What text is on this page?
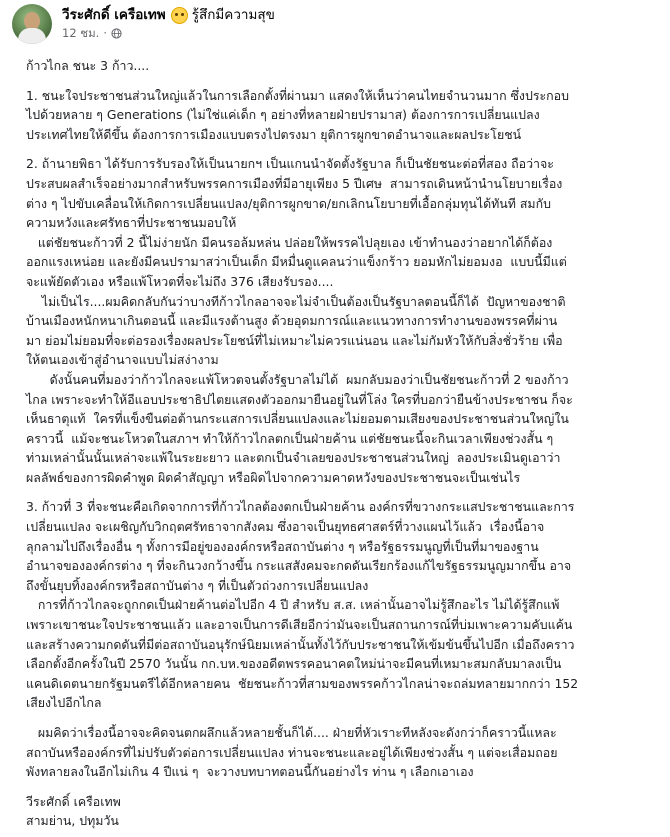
วีระศักดิ์ เครือเทพ รู้สึกมีความสุข
12 ชม. ·
ก้าวไกล ชนะ 3 ก้าว....
1. ชนะใจประชาชนส่วนใหญ่แล้วในการเลือกตั้งที่ผ่านมา แสดงให้เห็นว่าคนไทยจำนวนมาก ซึ่งประกอบ
ไปด้วยหลาย ๆ Generations (ไม่ใช่แค่เด็ก ๆ อย่างที่หลายฝ่ายปรามาส) ต้องการการเปลี่ยนแปลง
ประเทศไทยให้ดีขึ้น ต้องการการเมืองแบบตรงไปตรงมา ยุติการผูกขาดอำนาจและผลประโยชน์
2. ถ้านายพิธา ได้รับการรับรองให้เป็นนายกฯ เป็นแกนนำจัดตั้งรัฐบาล ก็เป็นชัยชนะต่อที่สอง ถือว่าจะ
ประสบผลสำเร็จอย่างมากสำหรับพรรคการเมืองที่มีอายุเพียง 5 ปีเศษ  สามารถเดินหน้านำนโยบายเรื่อง
ต่าง ๆ ไปขับเคลื่อนให้เกิดการเปลี่ยนแปลง/ยุติการผูกขาด/ยกเลิกนโยบายที่เอื้อกลุ่มทุนได้ทันที สมกับ
ความหวังและศรัทธาที่ประชาชนมอบให้
แต่ชัยชนะก้าวที่ 2 นี้ไม่ง่ายนัก มีคนรอล้มหล่น ปล่อยให้พรรคไปลุยเอง เข้าทำนองว่าอยากได้ก็ต้อง
ออกแรงเหน่อย และยังมีคนปรามาสว่าเป็นเด็ก มีหมื่นดูแคลนว่าแข็งกร้าว ยอมหักไม่ยอมงอ  แบบนี้มีแต่
จะแพ้ยัดตัวเอง หรือแพ้โหวตที่จะไม่ถึง 376 เสียงรับรอง....
ไม่เป็นไร....ผมคิดกลับกันว่าบางทีก้าวไกลอาจจะไม่จำเป็นต้องเป็นรัฐบาลตอนนี้ก็ได้  ปัญหาของชาติ
บ้านเมืองหนักหนาเกินตอนนี้ และมีแรงต้านสูง ด้วยอุดมการณ์และแนวทางการทำงานของพรรคที่ผ่าน
มา ย่อมไม่ยอมที่จะต่อรองเรื่องผลประโยชน์ที่ไม่เหมาะไม่ควรแน่นอน และไม่กัมหัวให้กับสิ่งชั่วร้าย เพื่อ
ให้ตนเองเข้าสู่อำนาจแบบไม่สง่างาม
ดังนั้นคนที่มองว่าก้าวไกลจะแพ้โหวตจนตั้งรัฐบาลไม่ได้  ผมกลับมองว่าเป็นชัยชนะก้าวที่ 2 ของก้าว
ไกล เพราะจะทำให้อีแอบประชาธิปไตยแสดงตัวออกมายืนอยู่ในที่โล่ง ใครที่บอกว่ายืนข้างประชาชน ก็จะ
เห็นธาตุแท้  ใครที่แข็งขืนต่อต้านกระแสการเปลี่ยนแปลงและไม่ยอมตามเสียงของประชาชนส่วนใหญ่ใน
คราวนี้  แม้จะชนะโหวตในสภาฯ ทำให้ก้าวไกลตกเป็นฝ่ายค้าน แต่ชัยชนะนี้จะกินเวลาเพียงช่วงสั้น ๆ
ท่ามเหล่านั้นนั้นเหล่าจะแพ้ในระยะยาว และตกเป็นจำเลยของประชาชนส่วนใหญ่  ลองประเมินดูเอาว่า
ผลลัพธ์ของการผิดคำพูด ผิดคำสัญญา หรือผิดไปจากความคาดหวังของประชาชนจะเป็นเช่นไร
3. ก้าวที่ 3 ที่จะชนะคือเกิดจากการที่ก้าวไกลต้องตกเป็นฝ่ายค้าน องค์กรที่ขวางกระแสประชาชนและการ
เปลี่ยนแปลง จะเผชิญกับวิกฤตศรัทธาจากสังคม ซึ่งอาจเป็นยุทธศาสตร์ที่วางแผนไว้แล้ว  เรื่องนี้อาจ
ลุกลามไปถึงเรื่องอื่น ๆ ทั้งการมีอยู่ขององค์กรหรือสถาบันต่าง ๆ หรือรัฐธรรมนูญที่เป็นที่มาของฐาน
อำนาจขององค์กรต่าง ๆ ที่จะกินวงกว้างขึ้น กระแสสังคมจะกดดันเรียกร้องแก้ไขรัฐธรรมนูญมากขึ้น อาจ
ถึงขั้นยุบทิ้งองค์กรหรือสถาบันต่าง ๆ ที่เป็นตัวถ่วงการเปลี่ยนแปลง
การที่ก้าวไกลจะถูกกดเป็นฝ่ายค้านต่อไปอีก 4 ปี สำหรับ ส.ส. เหล่านั้นอาจไม่รู้สึกอะไร ไม่ได้รู้สึกแพ้
เพราะเขาชนะใจประชาชนแล้ว และอาจเป็นการดีเสียอีกว่ามันจะเป็นสถานการณ์ที่บ่มเพาะความคับแค้น
และสร้างความกดดันที่มีต่อสถาบันอนุรักษ์นิยมเหล่านั้นทั้งไว้กับประชาชนให้เข้มข้นขึ้นไปอีก เมื่อถึงคราว
เลือกตั้งอีกครั้งในปี 2570 วันนั้น กก.บห.ของอดีตพรรคอนาคตใหม่น่าจะมีคนที่เหมาะสมกลับมาลงเป็น
แคนดิเดตนายกรัฐมนตรีได้อีกหลายคน  ชัยชนะก้าวที่สามของพรรคก้าวไกลน่าจะถล่มทลายมากกว่า 152
เสียงไปอีกไกล
ผมคิดว่าเรื่องนี้อาจจะคิดจนตกผลึกแล้วหลายชั้นก็ได้.... ฝ่ายที่หัวเราะทีหลังจะดังกว่าก็คราวนี้แหละ
สถาบันหรือองค์กรที่ไม่ปรับตัวต่อการเปลี่ยนแปลง ท่านจะชนะและอยู่ได้เพียงช่วงสั้น ๆ แต่จะเสื่อมถอย
พังทลายลงในอีกไม่เกิน 4 ปีแน่ ๆ  จะวางบทบาทตอนนี้กันอย่างไร ท่าน ๆ เลือกเอาเอง
วีระศักดิ์ เครือเทพ
สามย่าน, ปทุมวัน
